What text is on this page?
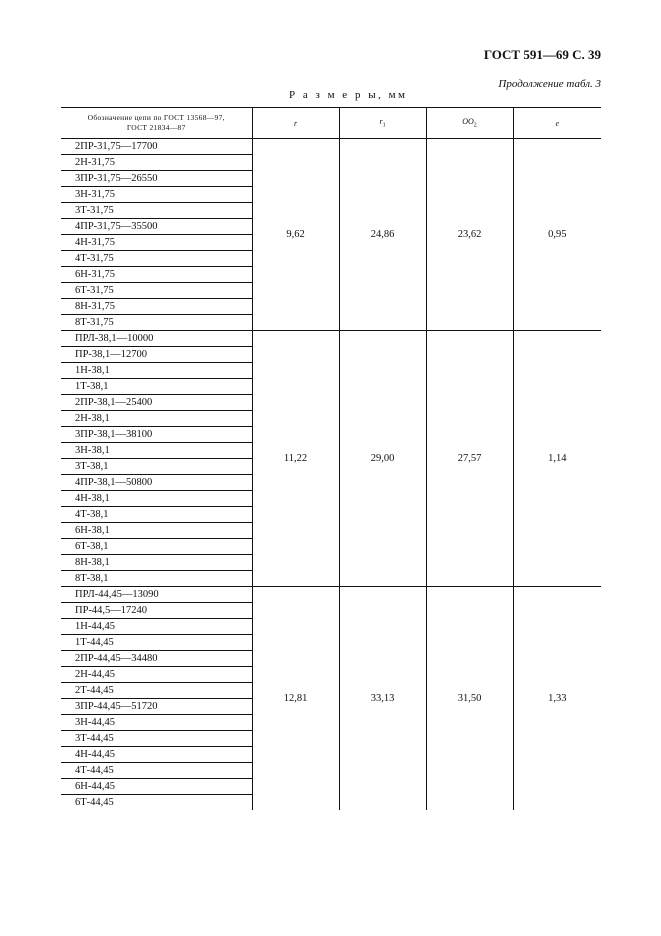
ГОСТ 591—69 С. 39
Продолжение табл. 3
Р а з м е р ы, мм
Обозначение цепи по ГОСТ 13568—97,
ГОСТ 21834—87	r	$r_1$	$OO_2$	e
2ПР-31,75—17700	9,62	24,86	23,62	0,95
2Н-31,75				
3ПР-31,75—26550				
3Н-31,75				
3Т-31,75				
4ПР-31,75—35500				
4Н-31,75				
4Т-31,75				
6Н-31,75				
6Т-31,75				
8Н-31,75				
8Т-31,75				
ПРЛ-38,1—10000	11,22	29,00	27,57	1,14
ПР-38,1—12700				
1Н-38,1				
1Т-38,1				
2ПР-38,1—25400				
2Н-38,1				
3ПР-38,1—38100				
3Н-38,1				
3Т-38,1				
4ПР-38,1—50800				
4Н-38,1				
4Т-38,1				
6Н-38,1				
6Т-38,1				
8Н-38,1				
8Т-38,1				
ПРЛ-44,45—13090	12,81	33,13	31,50	1,33
ПР-44,5—17240				
1Н-44,45				
1Т-44,45				
2ПР-44,45—34480				
2Н-44,45				
2Т-44,45				
3ПР-44,45—51720				
3Н-44,45				
3Т-44,45				
4Н-44,45				
4Т-44,45				
6Н-44,45				
6Т-44,45				
